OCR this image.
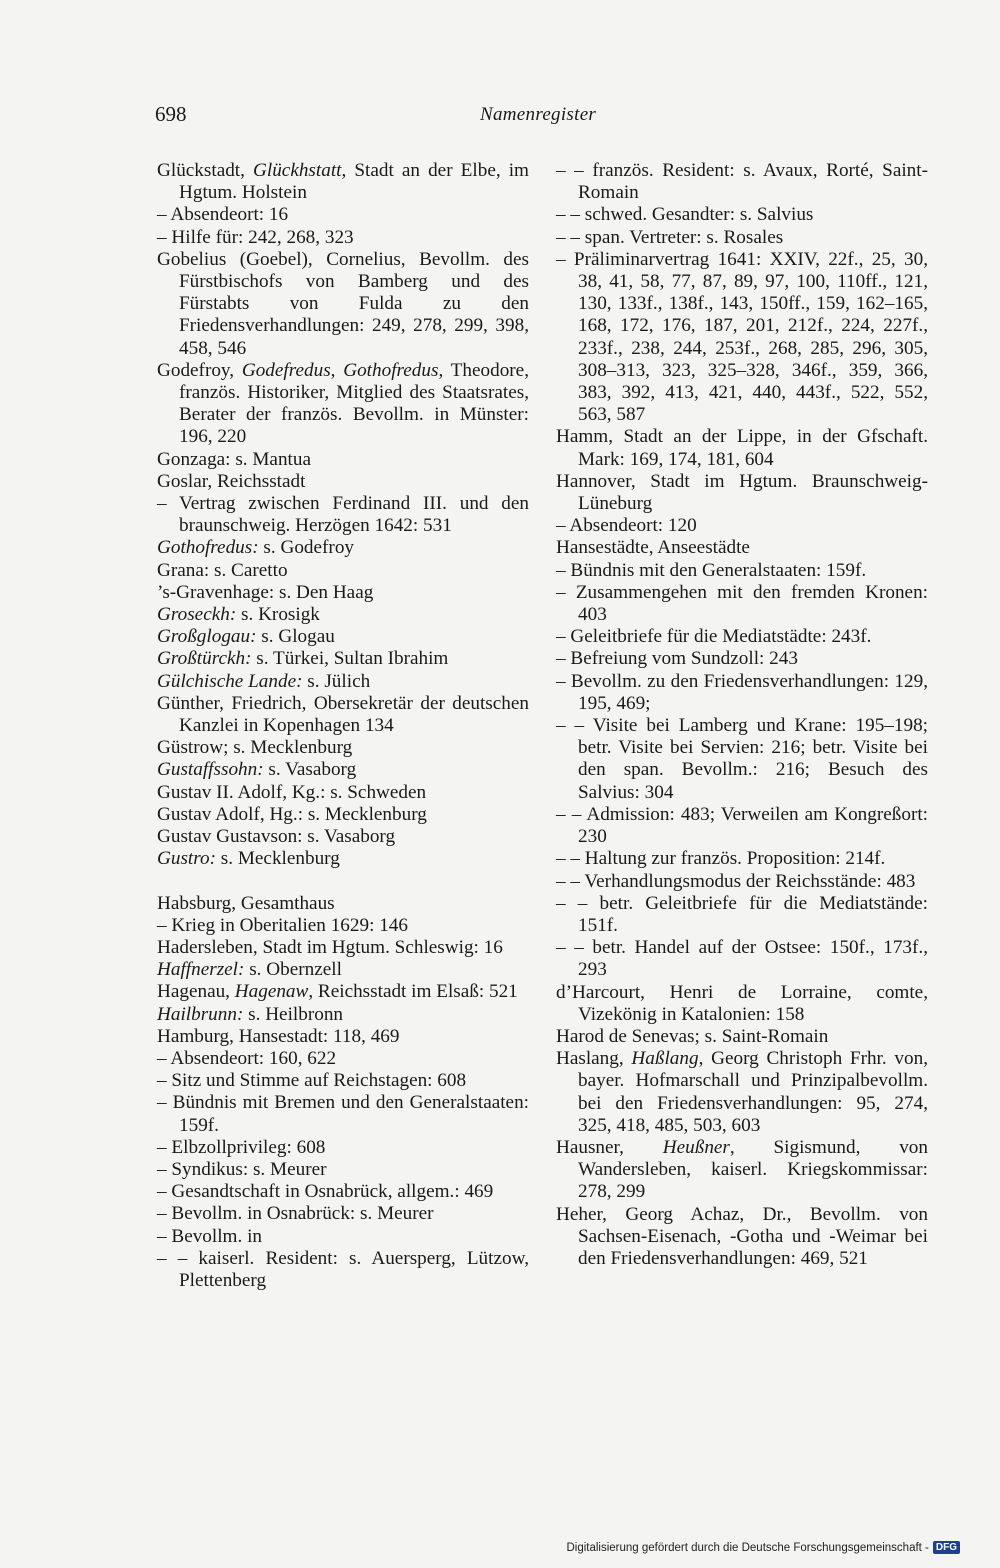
698	Namenregister
Glückstadt, Glückhstatt, Stadt an der Elbe, im Hgtum. Holstein
– Absendeort: 16
– Hilfe für: 242, 268, 323
Gobelius (Goebel), Cornelius, Bevollm. des Fürstbischofs von Bamberg und des Fürstabts von Fulda zu den Friedensverhandlungen: 249, 278, 299, 398, 458, 546
Godefroy, Godefredus, Gothofredus, Theodore, französ. Historiker, Mitglied des Staatsrates, Berater der französ. Bevollm. in Münster: 196, 220
Gonzaga: s. Mantua
Goslar, Reichsstadt
– Vertrag zwischen Ferdinand III. und den braunschweig. Herzögen 1642: 531
Gothofredus: s. Godefroy
Grana: s. Caretto
’s-Gravenhage: s. Den Haag
Groseckh: s. Krosigk
Großglogau: s. Glogau
Großtürckh: s. Türkei, Sultan Ibrahim
Gülchische Lande: s. Jülich
Günther, Friedrich, Obersekretär der deutschen Kanzlei in Kopenhagen 134
Güstrow; s. Mecklenburg
Gustaffssohn: s. Vasaborg
Gustav II. Adolf, Kg.: s. Schweden
Gustav Adolf, Hg.: s. Mecklenburg
Gustav Gustavson: s. Vasaborg
Gustro: s. Mecklenburg
Habsburg, Gesamthaus
– Krieg in Oberitalien 1629: 146
Hadersleben, Stadt im Hgtum. Schleswig: 16
Haffnerzel: s. Obernzell
Hagenau, Hagenaw, Reichsstadt im Elsaß: 521
Hailbrunn: s. Heilbronn
Hamburg, Hansestadt: 118, 469
– Absendeort: 160, 622
– Sitz und Stimme auf Reichstagen: 608
– Bündnis mit Bremen und den Generalstaaten: 159f.
– Elbzollprivileg: 608
– Syndikus: s. Meurer
– Gesandtschaft in Osnabrück, allgem.: 469
– Bevollm. in Osnabrück: s. Meurer
– Bevollm. in
– – kaiserl. Resident: s. Auersperg, Lützow, Plettenberg
– – französ. Resident: s. Avaux, Rorté, Saint-Romain
– – schwed. Gesandter: s. Salvius
– – span. Vertreter: s. Rosales
– Präliminarvertrag 1641: XXIV, 22f., 25, 30, 38, 41, 58, 77, 87, 89, 97, 100, 110ff., 121, 130, 133f., 138f., 143, 150ff., 159, 162–165, 168, 172, 176, 187, 201, 212f., 224, 227f., 233f., 238, 244, 253f., 268, 285, 296, 305, 308–313, 323, 325–328, 346f., 359, 366, 383, 392, 413, 421, 440, 443f., 522, 552, 563, 587
Hamm, Stadt an der Lippe, in der Gfschaft. Mark: 169, 174, 181, 604
Hannover, Stadt im Hgtum. Braunschweig-Lüneburg
– Absendeort: 120
Hansestädte, Anseestädte
– Bündnis mit den Generalstaaten: 159f.
– Zusammengehen mit den fremden Kronen: 403
– Geleitbriefe für die Mediatstädte: 243f.
– Befreiung vom Sundzoll: 243
– Bevollm. zu den Friedensverhandlungen: 129, 195, 469;
– – Visite bei Lamberg und Krane: 195–198; betr. Visite bei Servien: 216; betr. Visite bei den span. Bevollm.: 216; Besuch des Salvius: 304
– – Admission: 483; Verweilen am Kongreßort: 230
– – Haltung zur französ. Proposition: 214f.
– – Verhandlungsmodus der Reichsstände: 483
– – betr. Geleitbriefe für die Mediatstände: 151f.
– – betr. Handel auf der Ostsee: 150f., 173f., 293
d’Harcourt, Henri de Lorraine, comte, Vizekönig in Katalonien: 158
Harod de Senevas; s. Saint-Romain
Haslang, Haßlang, Georg Christoph Frhr. von, bayer. Hofmarschall und Prinzipalbevollm. bei den Friedensverhandlungen: 95, 274, 325, 418, 485, 503, 603
Hausner, Heußner, Sigismund, von Wandersleben, kaiserl. Kriegskommissar: 278, 299
Heher, Georg Achaz, Dr., Bevollm. von Sachsen-Eisenach, -Gotha und -Weimar bei den Friedensverhandlungen: 469, 521
Digitalisierung gefördert durch die Deutsche Forschungsgemeinschaft - DFG
